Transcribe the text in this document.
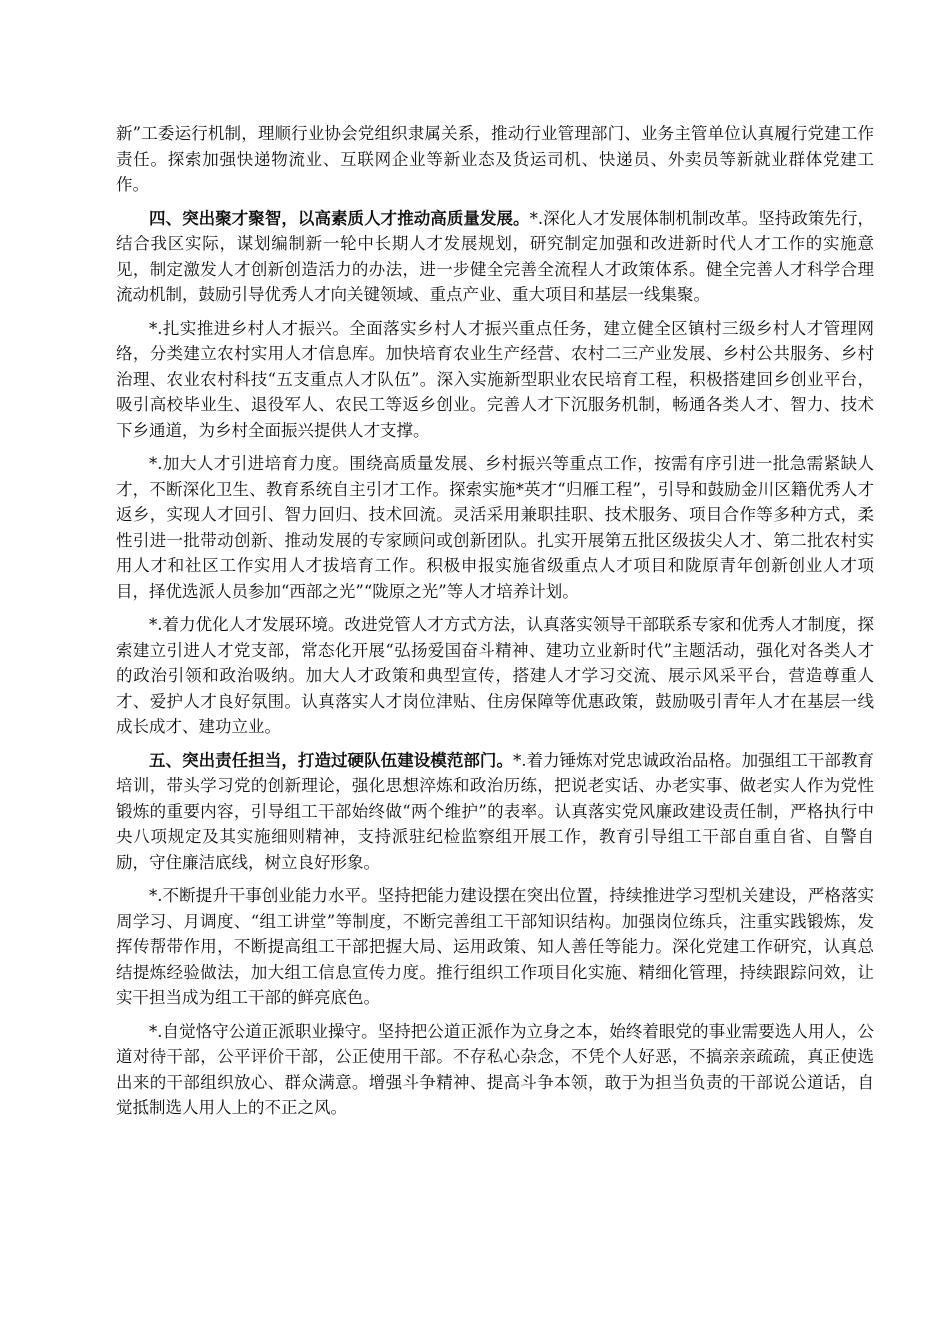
新”工委运行机制，理顺行业协会党组织隶属关系，推动行业管理部门、业务主管单位认真履行党建工作责任。探索加强快递物流业、互联网企业等新业态及货运司机、快递员、外卖员等新就业群体党建工作。

四、突出聚才聚智，以高素质人才推动高质量发展。*.深化人才发展体制机制改革。坚持政策先行，结合我区实际，谋划编制新一轮中长期人才发展规划，研究制定加强和改进新时代人才工作的实施意见，制定激发人才创新创造活力的办法，进一步健全完善全流程人才政策体系。健全完善人才科学合理流动机制，鼓励引导优秀人才向关键领域、重点产业、重大项目和基层一线集聚。

*.扎实推进乡村人才振兴。全面落实乡村人才振兴重点任务，建立健全区镇村三级乡村人才管理网络，分类建立农村实用人才信息库。加快培育农业生产经营、农村二三产业发展、乡村公共服务、乡村治理、农业农村科技“五支重点人才队伍”。深入实施新型职业农民培育工程，积极搭建回乡创业平台，吸引高校毕业生、退役军人、农民工等返乡创业。完善人才下沉服务机制，畅通各类人才、智力、技术下乡通道，为乡村全面振兴提供人才支撑。

*.加大人才引进培育力度。围绕高质量发展、乡村振兴等重点工作，按需有序引进一批急需紧缺人才，不断深化卫生、教育系统自主引才工作。探索实施*英才“归雁工程”，引导和鼓励金川区籍优秀人才返乡，实现人才回引、智力回归、技术回流。灵活采用兼职挂职、技术服务、项目合作等多种方式，柔性引进一批带动创新、推动发展的专家顾问或创新团队。扎实开展第五批区级拔尖人才、第二批农村实用人才和社区工作实用人才拔培育工作。积极申报实施省级重点人才项目和陇原青年创新创业人才项目，择优选派人员参加“西部之光”“陇原之光”等人才培养计划。

*.着力优化人才发展环境。改进党管人才方式方法，认真落实领导干部联系专家和优秀人才制度，探索建立引进人才党支部，常态化开展“弘扬爱国奋斗精神、建功立业新时代”主题活动，强化对各类人才的政治引领和政治吸纳。加大人才政策和典型宣传，搭建人才学习交流、展示风采平台，营造尊重人才、爱护人才良好氛围。认真落实人才岗位津贴、住房保障等优惠政策，鼓励吸引青年人才在基层一线成长成才、建功立业。

五、突出责任担当，打造过硬队伍建设模范部门。*.着力锤炼对党忠诚政治品格。加强组工干部教育培训，带头学习党的创新理论，强化思想淬炼和政治历练，把说老实话、办老实事、做老实人作为党性锻炼的重要内容，引导组工干部始终做“两个维护”的表率。认真落实党风廉政建设责任制，严格执行中央八项规定及其实施细则精神，支持派驻纪检监察组开展工作，教育引导组工干部自重自省、自警自励，守住廉洁底线，树立良好形象。

*.不断提升干事创业能力水平。坚持把能力建设摆在突出位置，持续推进学习型机关建设，严格落实周学习、月调度、“组工讲堂”等制度，不断完善组工干部知识结构。加强岗位练兵，注重实践锻炼，发挥传帮带作用，不断提高组工干部把握大局、运用政策、知人善任等能力。深化党建工作研究，认真总结提炼经验做法，加大组工信息宣传力度。推行组织工作项目化实施、精细化管理，持续跟踪问效，让实干担当成为组工干部的鲜亮底色。

*.自觉恪守公道正派职业操守。坚持把公道正派作为立身之本，始终着眼党的事业需要选人用人，公道对待干部，公平评价干部，公正使用干部。不存私心杂念，不凭个人好恶，不搞亲亲疏疏，真正使选出来的干部组织放心、群众满意。增强斗争精神、提高斗争本领，敢于为担当负责的干部说公道话，自觉抵制选人用人上的不正之风。
